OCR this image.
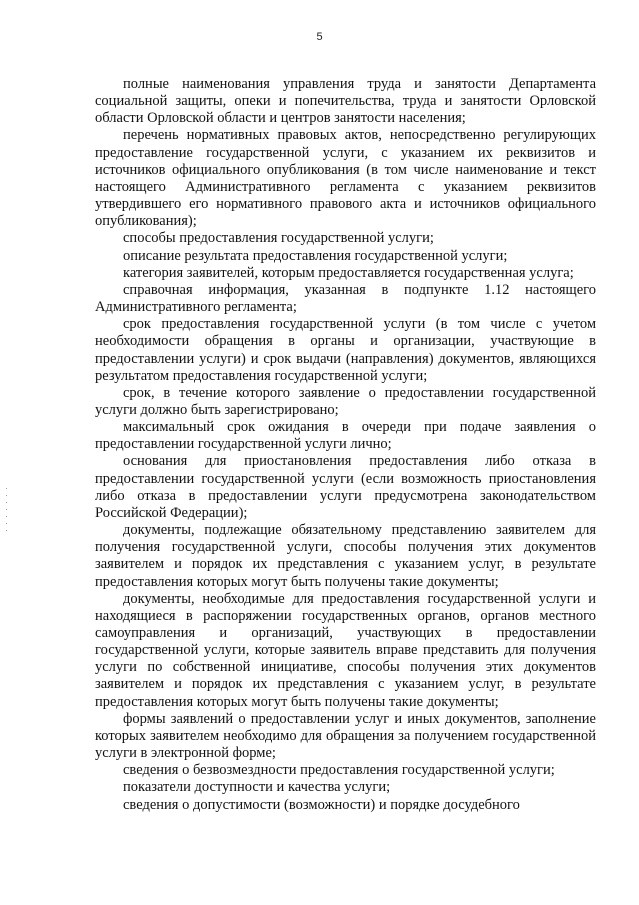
5

полные наименования управления труда и занятости Департамента социальной защиты, опеки и попечительства, труда и занятости Орловской области Орловской области и центров занятости населения;

перечень нормативных правовых актов, непосредственно регулирующих предоставление государственной услуги, с указанием их реквизитов и источников официального опубликования (в том числе наименование и текст настоящего Административного регламента с указанием реквизитов утвердившего его нормативного правового акта и источников официального опубликования);

способы предоставления государственной услуги;

описание результата предоставления государственной услуги;

категория заявителей, которым предоставляется государственная услуга;

справочная информация, указанная в подпункте 1.12 настоящего Административного регламента;

срок предоставления государственной услуги (в том числе с учетом необходимости обращения в органы и организации, участвующие в предоставлении услуги) и срок выдачи (направления) документов, являющихся результатом предоставления государственной услуги;

срок, в течение которого заявление о предоставлении государственной услуги должно быть зарегистрировано;

максимальный срок ожидания в очереди при подаче заявления о предоставлении государственной услуги лично;

основания для приостановления предоставления либо отказа в предоставлении государственной услуги (если возможность приостановления либо отказа в предоставлении услуги предусмотрена законодательством Российской Федерации);

документы, подлежащие обязательному представлению заявителем для получения государственной услуги, способы получения этих документов заявителем и порядок их представления с указанием услуг, в результате предоставления которых могут быть получены такие документы;

документы, необходимые для предоставления государственной услуги и находящиеся в распоряжении государственных органов, органов местного самоуправления и организаций, участвующих в предоставлении государственной услуги, которые заявитель вправе представить для получения услуги по собственной инициативе, способы получения этих документов заявителем и порядок их представления с указанием услуг, в результате предоставления которых могут быть получены такие документы;

формы заявлений о предоставлении услуг и иных документов, заполнение которых заявителем необходимо для обращения за получением государственной услуги в электронной форме;

сведения о безвозмездности предоставления государственной услуги;

показатели доступности и качества услуги;

сведения о допустимости (возможности) и порядке досудебного
